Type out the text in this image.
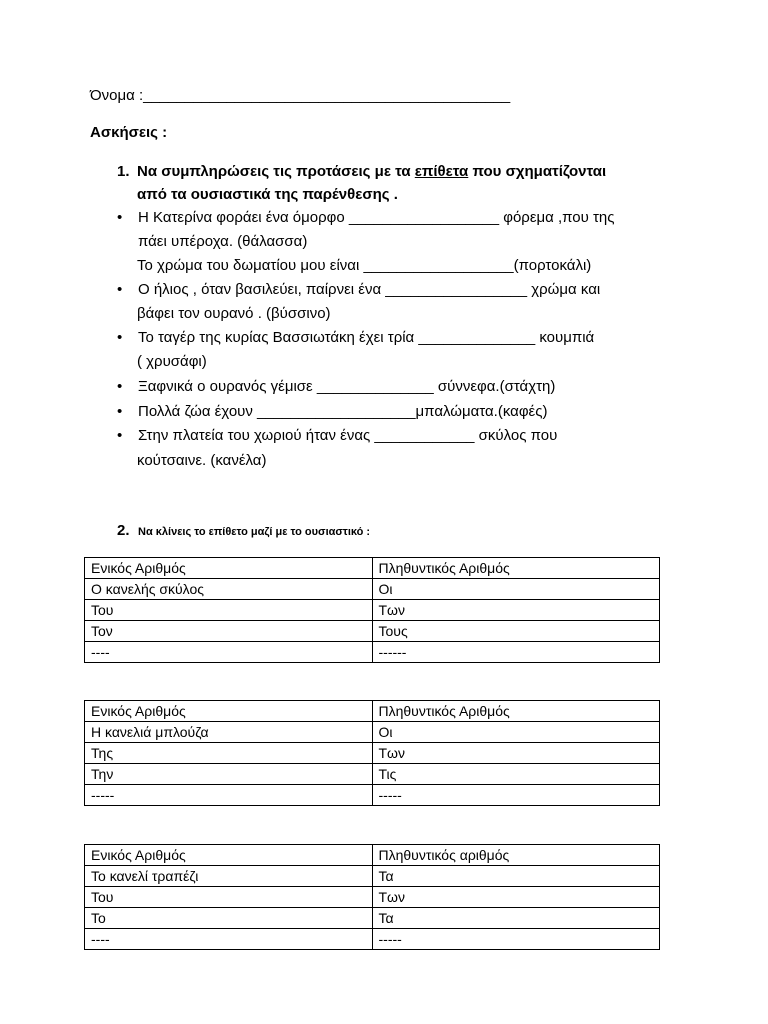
Όνομα :____________________________________________
Ασκήσεις :
1. Να συμπληρώσεις τις προτάσεις με τα επίθετα που σχηματίζονται
από τα ουσιαστικά της παρένθεσης .
•	Η Κατερίνα φοράει ένα όμορφο __________________ φόρεμα ,που της
πάει υπέροχα. (θάλασσα)
Το χρώμα του δωματίου μου είναι __________________(πορτοκάλι)
•	Ο ήλιος , όταν βασιλεύει, παίρνει ένα _________________ χρώμα και
βάφει τον ουρανό . (βύσσινο)
•	Το ταγέρ της κυρίας Βασσιωτάκη έχει τρία ______________ κουμπιά
( χρυσάφι)
•	Ξαφνικά ο ουρανός γέμισε ______________ σύννεφα.(στάχτη)
•	Πολλά ζώα έχουν ___________________μπαλώματα.(καφές)
•	Στην πλατεία του χωριού ήταν ένας ____________ σκύλος που
κούτσαινε. (κανέλα)
2. Να κλίνεις το επίθετο μαζί με το ουσιαστικό :
Ενικός Αριθμός	Πληθυντικός Αριθμός
Ο κανελής σκύλος	Οι
Του	Των
Τον	Τους
----	------
Ενικός Αριθμός	Πληθυντικός Αριθμός
Η κανελιά μπλούζα	Οι
Της	Των
Την	Τις
-----	-----
Ενικός Αριθμός	Πληθυντικός αριθμός
Το κανελί τραπέζι	Τα
Του	Των
Το	Τα
----	-----
